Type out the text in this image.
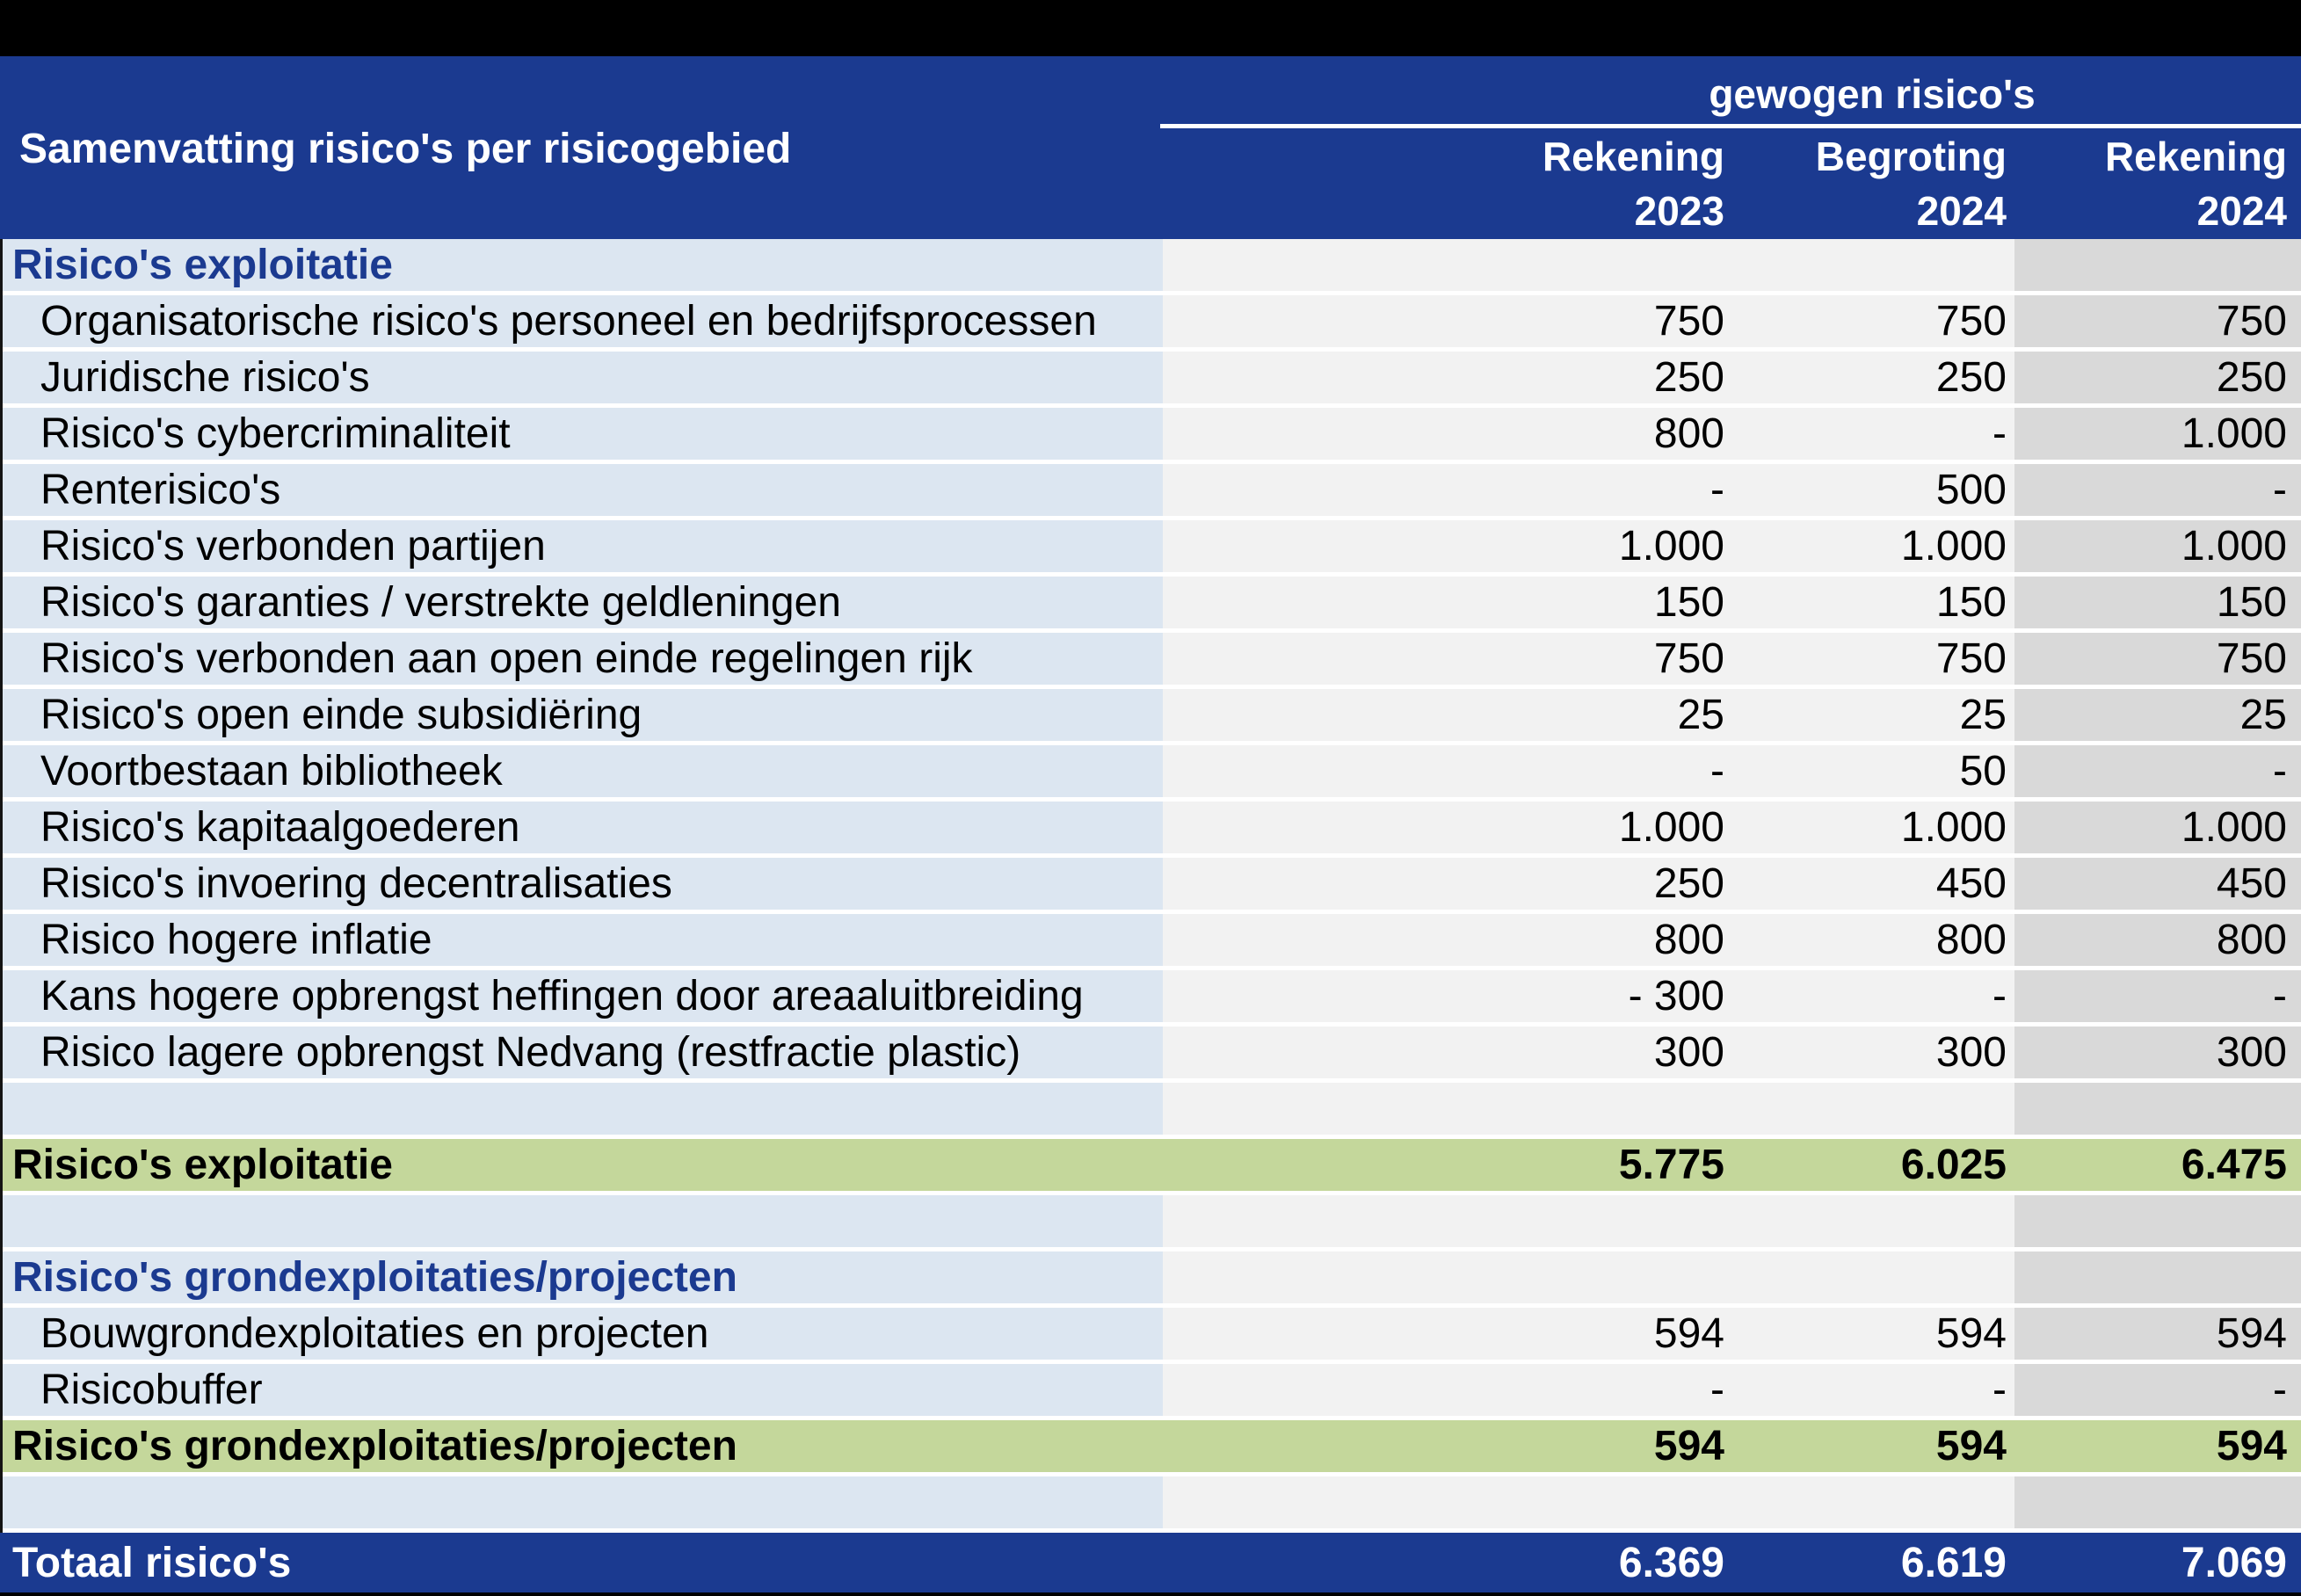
Samenvatting risico's per risicogebied
gewogen risico's
Rekening	Begroting	Rekening
2023	2024	2024
Risico's exploitatie
Organisatorische risico's personeel en bedrijfsprocessen	750	750	750
Juridische risico's	250	250	250
Risico's cybercriminaliteit	800	-	1.000
Renterisico's	-	500	-
Risico's verbonden partijen	1.000	1.000	1.000
Risico's garanties / verstrekte geldleningen	150	150	150
Risico's verbonden aan open einde regelingen rijk	750	750	750
Risico's open einde subsidiëring	25	25	25
Voortbestaan bibliotheek	-	50	-
Risico's kapitaalgoederen	1.000	1.000	1.000
Risico's invoering decentralisaties	250	450	450
Risico hogere inflatie	800	800	800
Kans hogere opbrengst heffingen door areaaluitbreiding	- 300	-	-
Risico lagere opbrengst Nedvang (restfractie plastic)	300	300	300
Risico's exploitatie	5.775	6.025	6.475
Risico's grondexploitaties/projecten
Bouwgrondexploitaties en projecten	594	594	594
Risicobuffer	-	-	-
Risico's grondexploitaties/projecten	594	594	594
Totaal risico's	6.369	6.619	7.069
